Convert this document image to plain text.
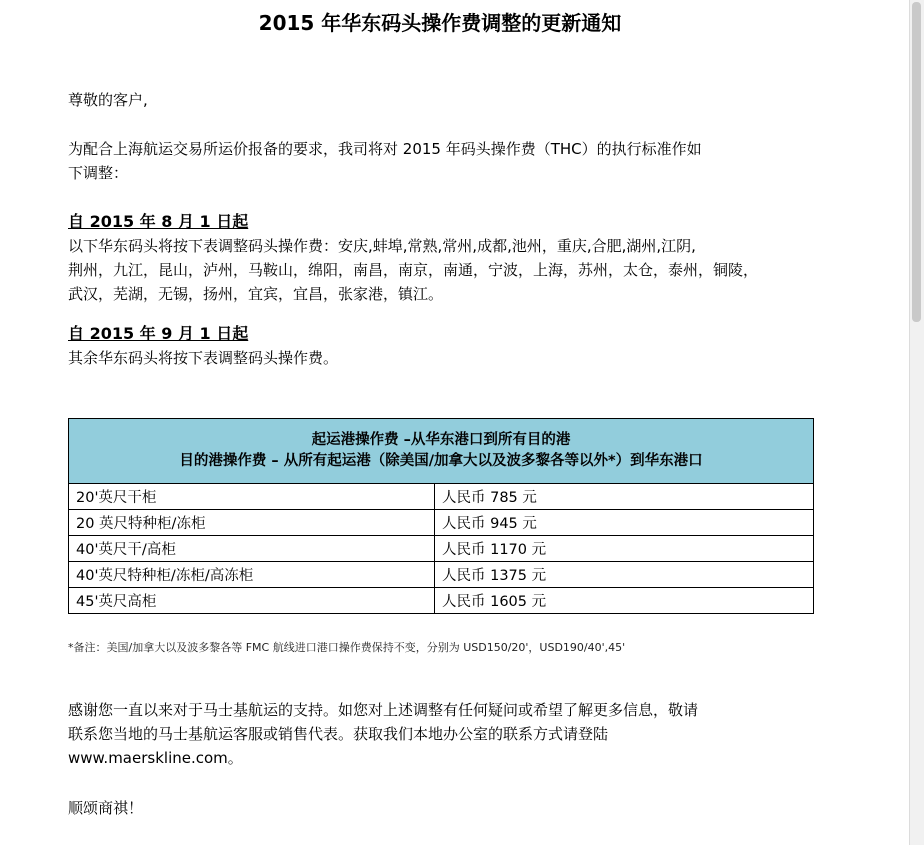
2015 年华东码头操作费调整的更新通知
尊敬的客户,
为配合上海航运交易所运价报备的要求，我司将对 2015 年码头操作费（THC）的执行标准作如
下调整：
自 2015 年 8 月 1 日起
以下华东码头将按下表调整码头操作费：安庆,蚌埠,常熟,常州,成都,池州，重庆,合肥,湖州,江阴,
荆州，九江，昆山，泸州，马鞍山，绵阳，南昌，南京，南通，宁波，上海，苏州，太仓，泰州，铜陵，
武汉，芜湖，无锡，扬州，宜宾，宜昌，张家港，镇江。
自 2015 年 9 月 1 日起
其余华东码头将按下表调整码头操作费。
起运港操作费 –从华东港口到所有目的港
目的港操作费 – 从所有起运港（除美国/加拿大以及波多黎各等以外*）到华东港口	

20'英尺干柜	人民币 785 元
20 英尺特种柜/冻柜	人民币 945 元
40'英尺干/高柜	人民币 1170 元
40'英尺特种柜/冻柜/高冻柜	人民币 1375 元
45'英尺高柜	人民币 1605 元
*备注：美国/加拿大以及波多黎各等 FMC 航线进口港口操作费保持不变，分别为 USD150/20'，USD190/40',45'
感谢您一直以来对于马士基航运的支持。如您对上述调整有任何疑问或希望了解更多信息，敬请
联系您当地的马士基航运客服或销售代表。获取我们本地办公室的联系方式请登陆
www.maerskline.com。
顺颂商祺！
